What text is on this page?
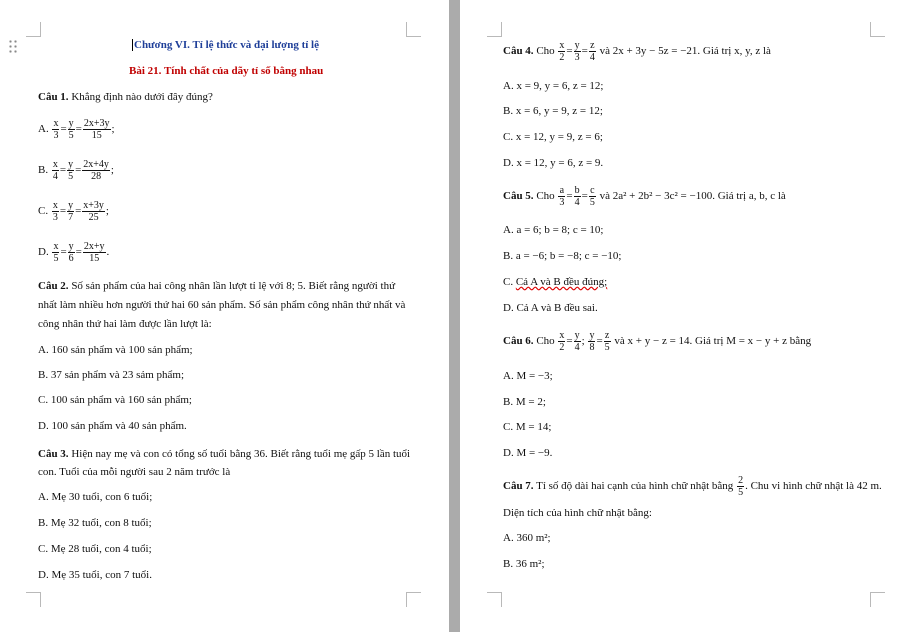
Chương VI. Tỉ lệ thức và đại lượng tỉ lệ
Bài 21. Tính chất của dãy tỉ số bằng nhau
Câu 1. Khẳng định nào dưới đây đúng?
A. $\frac{x}{3} = \frac{y}{5} = \frac{2x+3y}{15}$ ;
B. $\frac{x}{4} = \frac{y}{5} = \frac{2x+4y}{28}$ ;
C. $\frac{x}{3} = \frac{y}{7} = \frac{x+3y}{25}$ ;
D. $\frac{x}{5} = \frac{y}{6} = \frac{2x+y}{15}$ .
Câu 2. Số sản phẩm của hai công nhân lần lượt tỉ lệ với 8; 5. Biết rằng người thứ
nhất làm nhiều hơn người thứ hai 60 sản phẩm. Số sản phẩm công nhân thứ nhất và
công nhân thứ hai làm được lần lượt là:
A. 160 sản phẩm và 100 sản phẩm;
B. 37 sản phẩm và 23 sảm phẩm;
C. 100 sản phẩm và 160 sản phẩm;
D. 100 sản phẩm và 40 sản phẩm.
Câu 3. Hiện nay mẹ và con có tổng số tuổi bằng 36. Biết rằng tuổi mẹ gấp 5 lần tuổi
con. Tuổi của mỗi người sau 2 năm trước là
A. Mẹ 30 tuổi, con 6 tuổi;
B. Mẹ 32 tuổi, con 8 tuổi;
C. Mẹ 28 tuổi, con 4 tuổi;
D. Mẹ 35 tuổi, con 7 tuổi.
Câu 4. Cho $\frac{x}{2} = \frac{y}{3} = \frac{z}{4}$ và 2x + 3y − 5z = −21. Giá trị x, y, z là
A. x = 9, y = 6, z = 12;
B. x = 6, y = 9, z = 12;
C. x = 12, y = 9, z = 6;
D. x = 12, y = 6, z = 9.
Câu 5. Cho $\frac{a}{3} = \frac{b}{4} = \frac{c}{5}$ và 2a² + 2b² − 3c² = −100. Giá trị a, b, c là
A. a = 6; b = 8; c = 10;
B. a = −6; b = −8; c = −10;
C. Cả A và B đều đúng;
D. Cả A và B đều sai.
Câu 6. Cho $\frac{x}{2} = \frac{y}{4}$ ; $\frac{y}{8} = \frac{z}{5}$ và x + y − z = 14. Giá trị M = x − y + z bằng
A. M = −3;
B. M = 2;
C. M = 14;
D. M = −9.
Câu 7. Tỉ số độ dài hai cạnh của hình chữ nhật bằng $\frac{2}{5}$ . Chu vi hình chữ nhật là 42 m.
Diện tích của hình chữ nhật bằng:
A. 360 m²;
B. 36 m²;
